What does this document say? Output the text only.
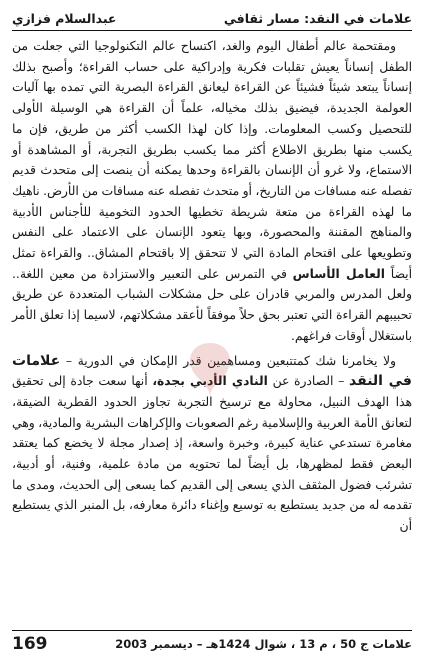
علامات في النقد: مسار ثقافي
عبدالسلام فزازي

ومقتحمة عالم أطفال اليوم والغد، اكتساح عالم التكنولوجيا التي جعلت من الطفل إنساناً يعيش تقلبات فكرية وإدراكية على حساب القراءة؛ وأصبح بذلك إنساناً يبتعد شيئاً فشيئاً عن القراءة ليعانق القراءة البصرية التي تمده بها آليات العولمة الجديدة، فيضيق بذلك مخياله، علماً أن القراءة هي الوسيلة الأولى للتحصيل وكسب المعلومات. وإذا كان لهذا الكسب أكثر من طريق، فإن ما يكسب منها بطريق الاطلاع أكثر مما يكسب بطريق التجربة، أو المشاهدة أو الاستماع، ولا غرو أن الإنسان بالقراءة وحدها يمكنه أن ينصت إلى متحدث قديم تفصله عنه مسافات من التاريخ، أو متحدث تفصله عنه مسافات من الأرض. ناهيك ما لهذه القراءة من متعة شريطة تخطيها الحدود التخومية للأجناس الأدبية والمناهج المقننة والمحصورة، وبها يتعود الإنسان على الاعتماد على النفس وتطويعها على اقتحام المادة التي لا تتحقق إلا باقتحام المشاق.. والقراءة تمثل أيضاً العامل الأساس في التمرس على التعبير والاستزادة من معين اللغة.. ولعل المدرس والمربي قادران على حل مشكلات الشباب المتعددة عن طريق تحبيبهم القراءة التي تعتبر بحق حلاً موفقاً لأعقد مشكلاتهم، لاسيما إذا تعلق الأمر باستغلال أوقات فراغهم.

ولا يخامرنا شك كمتتبعين ومساهمين قدر الإمكان في الدورية – علامات في النقد – الصادرة عن النادي الأدبي بجدة، أنها سعت جادة إلى تحقيق هذا الهدف النبيل، محاولة مع ترسيخ التجربة تجاوز الحدود القطرية الضيقة، لتعانق الأمة العربية والإسلامية رغم الصعوبات والإكراهات البشرية والمادية، وهي مغامرة تستدعي عناية كبيرة، وخبرة واسعة، إذ إصدار مجلة لا يخضع كما يعتقد البعض فقط لمظهرها، بل أيضاً لما تحتويه من مادة علمية، وفنية، أو أدبية، تشرئب فضول المثقف الذي يسعى إلى القديم كما يسعى إلى الحديث، ومدى ما تقدمه له من جديد يستطيع به توسيع وإغناء دائرة معارفه، بل المنبر الذي يستطيع أن

علامات ج 50 ، م 13 ، شوال 1424هـ – ديسمبر 2003
169
